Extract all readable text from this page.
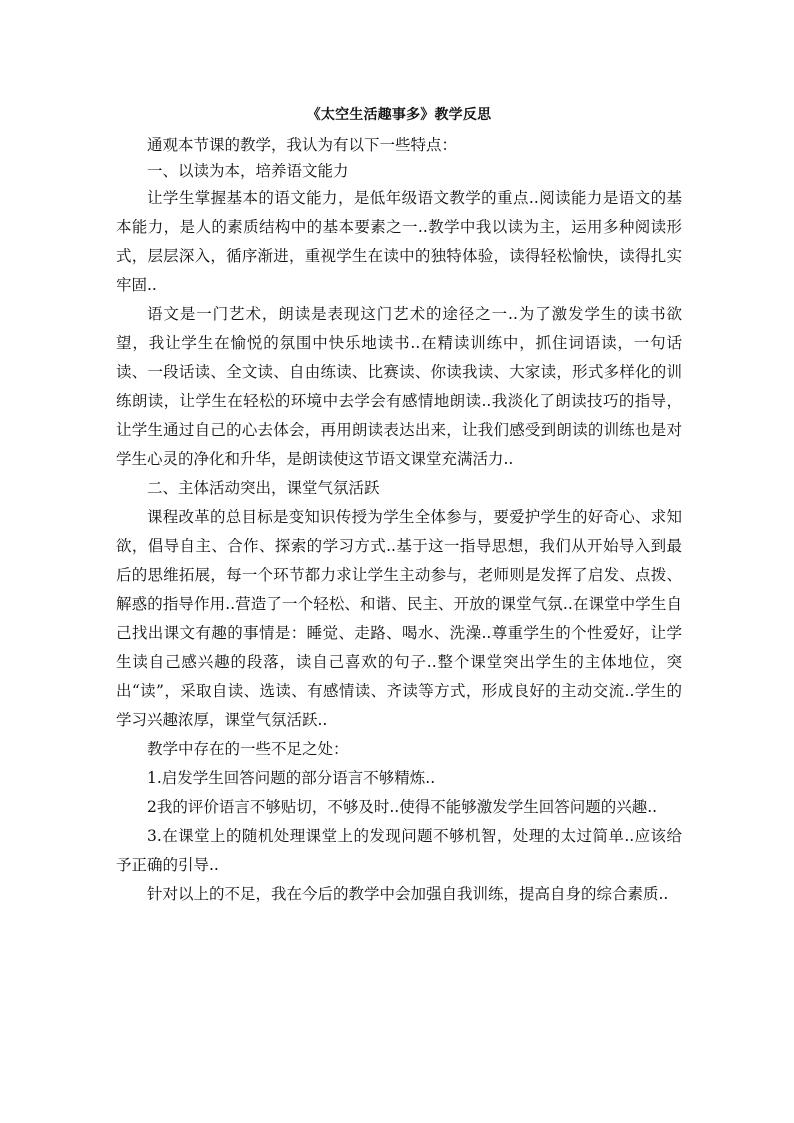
《太空生活趣事多》教学反思

通观本节课的教学，我认为有以下一些特点：

一、以读为本，培养语文能力

让学生掌握基本的语文能力，是低年级语文教学的重点..阅读能力是语文的基本能力，是人的素质结构中的基本要素之一..教学中我以读为主，运用多种阅读形式，层层深入，循序渐进，重视学生在读中的独特体验，读得轻松愉快，读得扎实牢固..

语文是一门艺术，朗读是表现这门艺术的途径之一..为了激发学生的读书欲望，我让学生在愉悦的氛围中快乐地读书..在精读训练中，抓住词语读，一句话读、一段话读、全文读、自由练读、比赛读、你读我读、大家读，形式多样化的训练朗读，让学生在轻松的环境中去学会有感情地朗读..我淡化了朗读技巧的指导，让学生通过自己的心去体会，再用朗读表达出来，让我们感受到朗读的训练也是对学生心灵的净化和升华，是朗读使这节语文课堂充满活力..

二、主体活动突出，课堂气氛活跃

课程改革的总目标是变知识传授为学生全体参与，要爱护学生的好奇心、求知欲，倡导自主、合作、探索的学习方式..基于这一指导思想，我们从开始导入到最后的思维拓展，每一个环节都力求让学生主动参与，老师则是发挥了启发、点拨、解惑的指导作用..营造了一个轻松、和谐、民主、开放的课堂气氛..在课堂中学生自己找出课文有趣的事情是：睡觉、走路、喝水、洗澡..尊重学生的个性爱好，让学生读自己感兴趣的段落，读自己喜欢的句子..整个课堂突出学生的主体地位，突出“读”，采取自读、选读、有感情读、齐读等方式，形成良好的主动交流..学生的学习兴趣浓厚，课堂气氛活跃..

教学中存在的一些不足之处：

1.启发学生回答问题的部分语言不够精炼..

2我的评价语言不够贴切，不够及时..使得不能够激发学生回答问题的兴趣..

3.在课堂上的随机处理课堂上的发现问题不够机智，处理的太过简单..应该给予正确的引导..

针对以上的不足，我在今后的教学中会加强自我训练，提高自身的综合素质..
